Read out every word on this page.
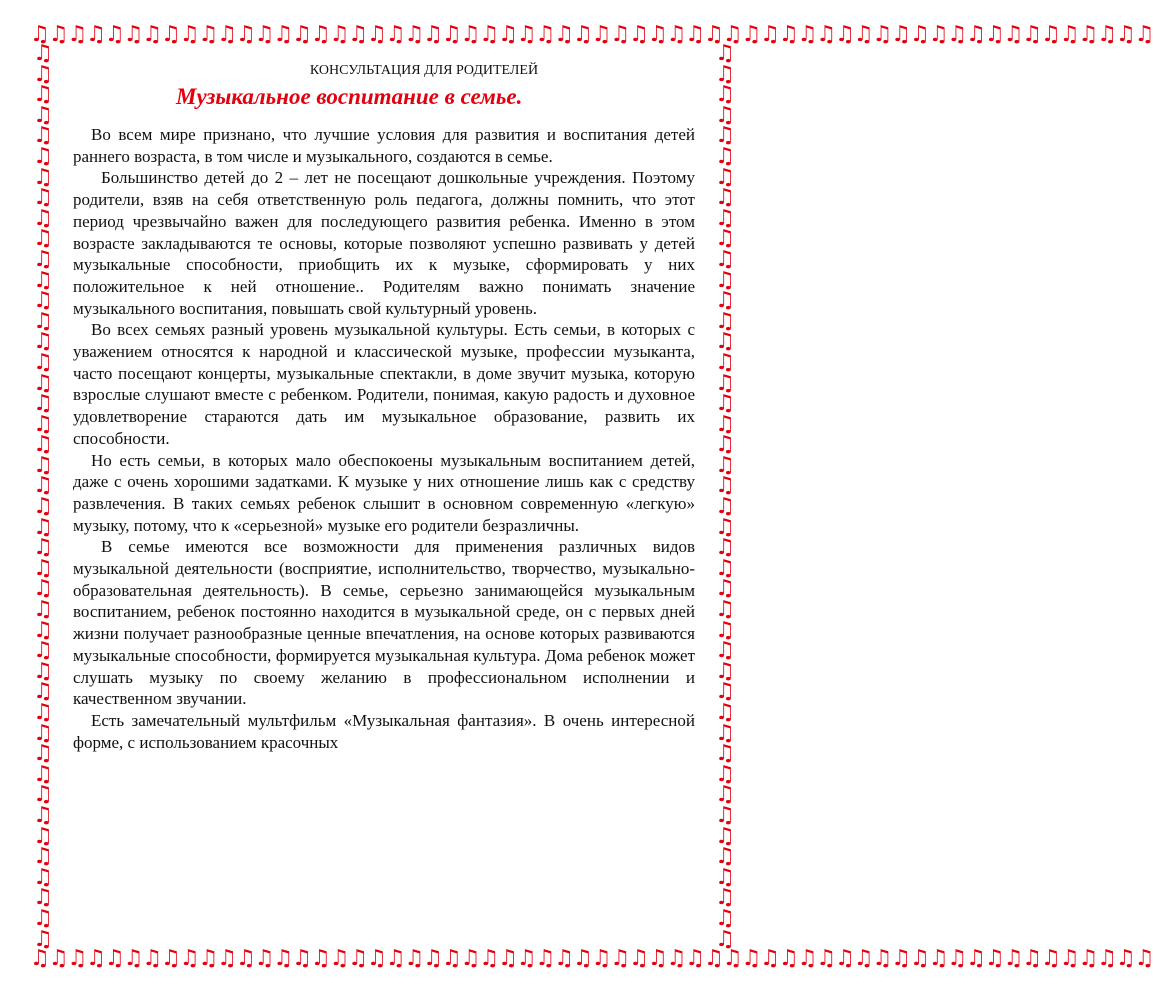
♫♫♫♫♫♫♫♫♫♫♫♫♫♫♫♫♫♫♫♫♫♫♫♫♫♫♫♫♫♫♫♫♫♫♫♫♫♫♫♫♫♫♫♫♫♫♫♫♫♫♫♫♫♫♫♫♫♫♫♫
♫
♫
♫
♫
♫
♫
♫
♫
♫
♫
♫
♫
♫
♫
♫
♫
♫
♫
♫
♫
♫
♫
♫
♫
♫
♫
♫
♫
♫
♫
♫
♫
♫
♫
♫
♫
♫
♫
♫
♫
♫
♫
♫
♫
♫
♫
♫
♫
♫
♫
♫
♫
♫
♫
♫
♫
♫
♫
♫
♫
♫
♫
♫
♫
♫
♫
♫
♫
♫
♫
♫
♫
♫
♫
♫
♫
♫
♫
♫
♫
♫
♫
♫
♫
♫
♫
♫
♫
♫♫♫♫♫♫♫♫♫♫♫♫♫♫♫♫♫♫♫♫♫♫♫♫♫♫♫♫♫♫♫♫♫♫♫♫♫♫♫♫♫♫♫♫♫♫♫♫♫♫♫♫♫♫♫♫♫♫♫♫
КОНСУЛЬТАЦИЯ ДЛЯ РОДИТЕЛЕЙ
Музыкальное воспитание в семье.

Во всем мире признано, что лучшие условия для развития и воспитания детей раннего возраста, в том числе и музыкального, создаются в семье.

Большинство детей до 2 – лет не посещают дошкольные учреждения. Поэтому родители, взяв на себя ответственную роль педагога, должны помнить, что этот период чрезвычайно важен для последующего развития ребенка. Именно в этом возрасте закладываются те основы, которые позволяют успешно развивать у детей музыкальные способности, приобщить их к музыке, сформировать у них положительное к ней отношение.. Родителям важно понимать значение музыкального воспитания, повышать свой культурный уровень.

Во всех семьях разный уровень музыкальной культуры. Есть семьи, в которых с уважением относятся к народной и классической музыке, профессии музыканта, часто посещают концерты, музыкальные спектакли, в доме звучит музыка, которую взрослые слушают вместе с ребенком. Родители, понимая, какую радость и духовное удовлетворение стараются дать им музыкальное образование, развить их способности.

Но есть семьи, в которых мало обеспокоены музыкальным воспитанием детей, даже с очень хорошими задатками. К музыке у них отношение лишь как с средству развлечения. В таких семьях ребенок слышит в основном современную «легкую» музыку, потому, что к «серьезной» музыке его родители безразличны.

В семье имеются все возможности для применения различных видов музыкальной деятельности (восприятие, исполнительство, творчество, музыкально-образовательная деятельность). В семье, серьезно занимающейся музыкальным воспитанием, ребенок постоянно находится в музыкальной среде, он с первых дней жизни получает разнообразные ценные впечатления, на основе которых развиваются музыкальные способности, формируется музыкальная культура. Дома ребенок может слушать музыку по своему желанию в профессиональном исполнении и качественном звучании.

Есть замечательный мультфильм «Музыкальная фантазия». В очень интересной форме, с использованием красочных
